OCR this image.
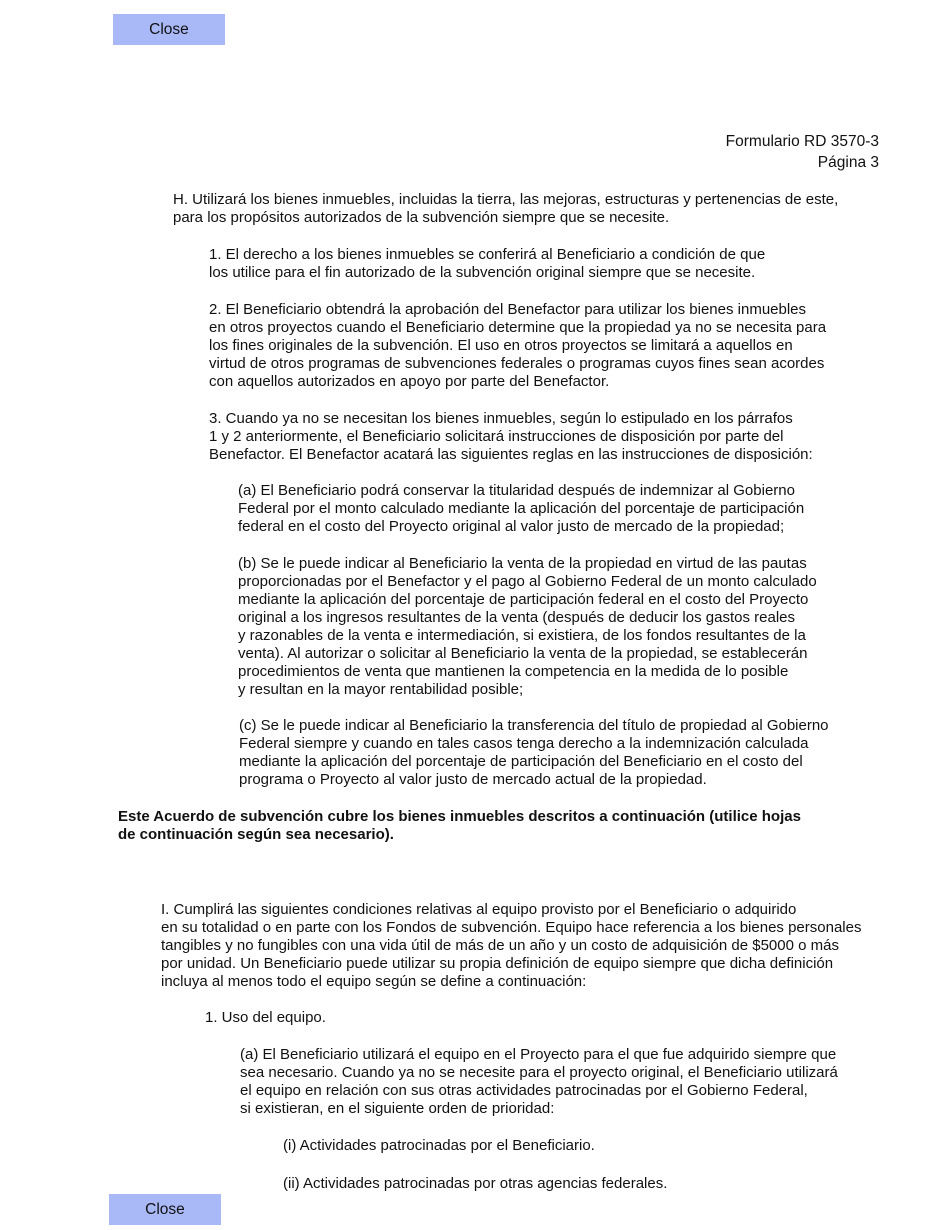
Close
Formulario RD 3570-3
Página 3
H. Utilizará los bienes inmuebles, incluidas la tierra, las mejoras, estructuras y pertenencias de este,
para los propósitos autorizados de la subvención siempre que se necesite.
1. El derecho a los bienes inmuebles se conferirá al Beneficiario a condición de que
los utilice para el fin autorizado de la subvención original siempre que se necesite.
2. El Beneficiario obtendrá la aprobación del Benefactor para utilizar los bienes inmuebles
en otros proyectos cuando el Beneficiario determine que la propiedad ya no se necesita para
los fines originales de la subvención. El uso en otros proyectos se limitará a aquellos en
virtud de otros programas de subvenciones federales o programas cuyos fines sean acordes
con aquellos autorizados en apoyo por parte del Benefactor.
3. Cuando ya no se necesitan los bienes inmuebles, según lo estipulado en los párrafos
1 y 2 anteriormente, el Beneficiario solicitará instrucciones de disposición por parte del
Benefactor. El Benefactor acatará las siguientes reglas en las instrucciones de disposición:
(a) El Beneficiario podrá conservar la titularidad después de indemnizar al Gobierno
Federal por el monto calculado mediante la aplicación del porcentaje de participación
federal en el costo del Proyecto original al valor justo de mercado de la propiedad;
(b) Se le puede indicar al Beneficiario la venta de la propiedad en virtud de las pautas
proporcionadas por el Benefactor y el pago al Gobierno Federal de un monto calculado
mediante la aplicación del porcentaje de participación federal en el costo del Proyecto
original a los ingresos resultantes de la venta (después de deducir los gastos reales
y razonables de la venta e intermediación, si existiera, de los fondos resultantes de la
venta). Al autorizar o solicitar al Beneficiario la venta de la propiedad, se establecerán
procedimientos de venta que mantienen la competencia en la medida de lo posible
y resultan en la mayor rentabilidad posible;
(c) Se le puede indicar al Beneficiario la transferencia del título de propiedad al Gobierno
Federal siempre y cuando en tales casos tenga derecho a la indemnización calculada
mediante la aplicación del porcentaje de participación del Beneficiario en el costo del
programa o Proyecto al valor justo de mercado actual de la propiedad.
Este Acuerdo de subvención cubre los bienes inmuebles descritos a continuación (utilice hojas
de continuación según sea necesario).
I. Cumplirá las siguientes condiciones relativas al equipo provisto por el Beneficiario o adquirido
en su totalidad o en parte con los Fondos de subvención. Equipo hace referencia a los bienes personales
tangibles y no fungibles con una vida útil de más de un año y un costo de adquisición de $5000 o más
por unidad. Un Beneficiario puede utilizar su propia definición de equipo siempre que dicha definición
incluya al menos todo el equipo según se define a continuación:
1. Uso del equipo.
(a) El Beneficiario utilizará el equipo en el Proyecto para el que fue adquirido siempre que
sea necesario. Cuando ya no se necesite para el proyecto original, el Beneficiario utilizará
el equipo en relación con sus otras actividades patrocinadas por el Gobierno Federal,
si existieran, en el siguiente orden de prioridad:
(i) Actividades patrocinadas por el Beneficiario.
(ii) Actividades patrocinadas por otras agencias federales.
Close
